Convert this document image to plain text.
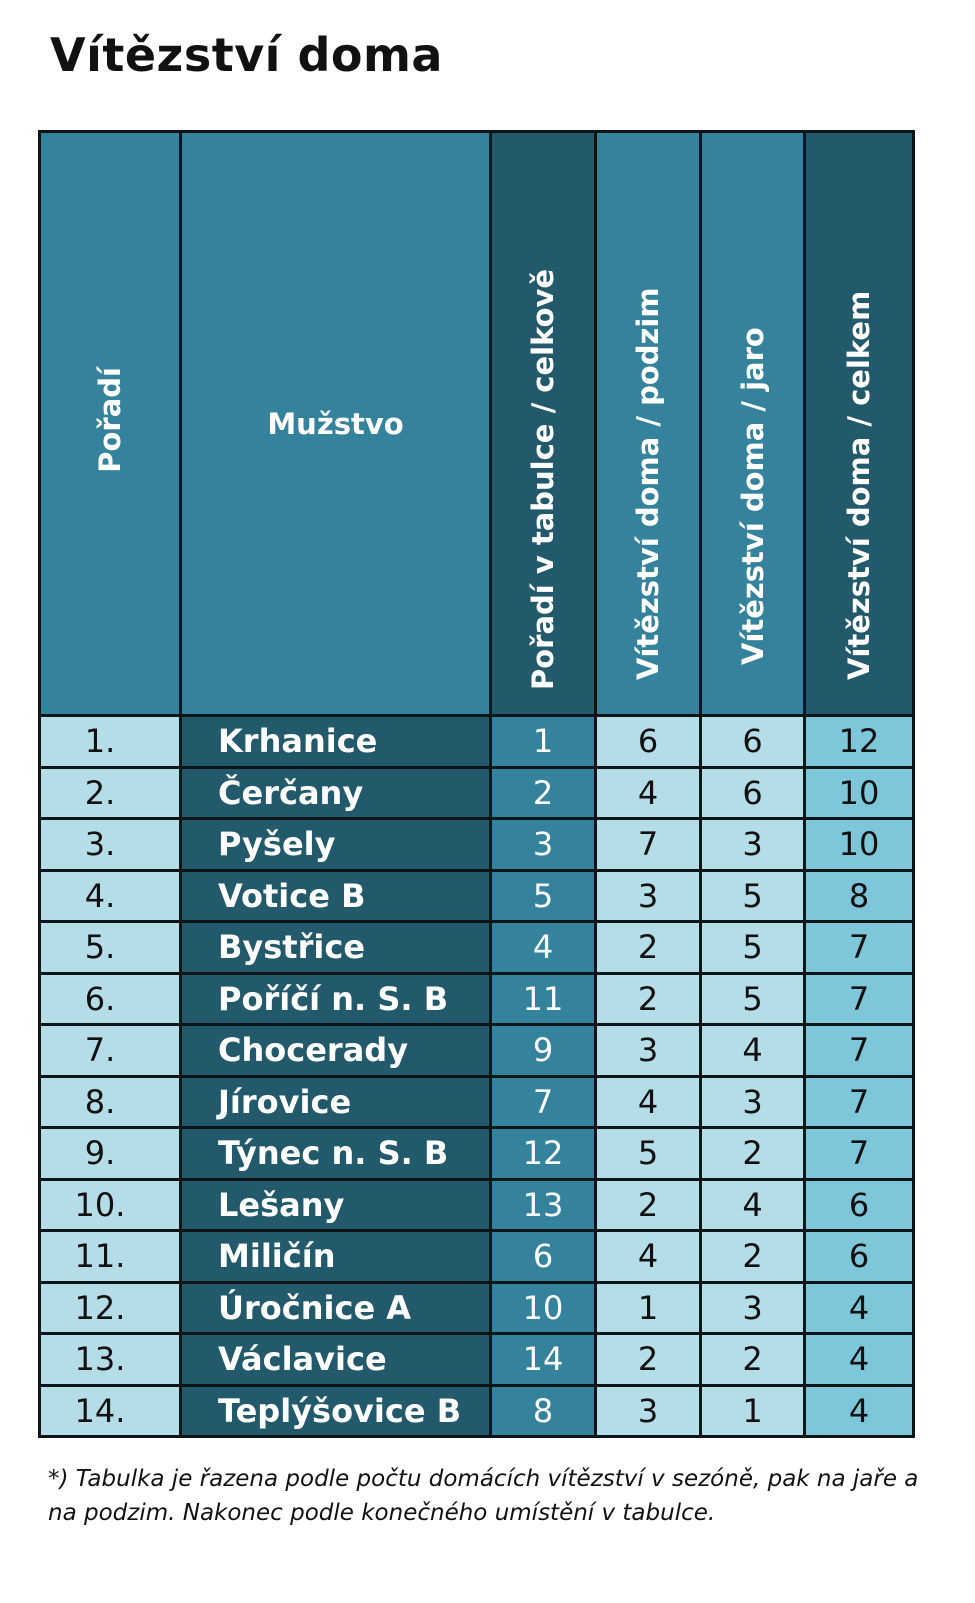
Vítězství doma
Pořadí	Mužstvo	Pořadí v tabulce / celkově	Vítězství doma / podzim	Vítězství doma / jaro	Vítězství doma / celkem
1.	Krhanice	1	6	6	12
2.	Čerčany	2	4	6	10
3.	Pyšely	3	7	3	10
4.	Votice B	5	3	5	8
5.	Bystřice	4	2	5	7
6.	Poříčí n. S. B	11	2	5	7
7.	Chocerady	9	3	4	7
8.	Jírovice	7	4	3	7
9.	Týnec n. S. B	12	5	2	7
10.	Lešany	13	2	4	6
11.	Miličín	6	4	2	6
12.	Úročnice A	10	1	3	4
13.	Václavice	14	2	2	4
14.	Teplýšovice B	8	3	1	4

*) Tabulka je řazena podle počtu domácích vítězství v sezóně, pak na jaře a na podzim. Nakonec podle konečného umístění v tabulce.
